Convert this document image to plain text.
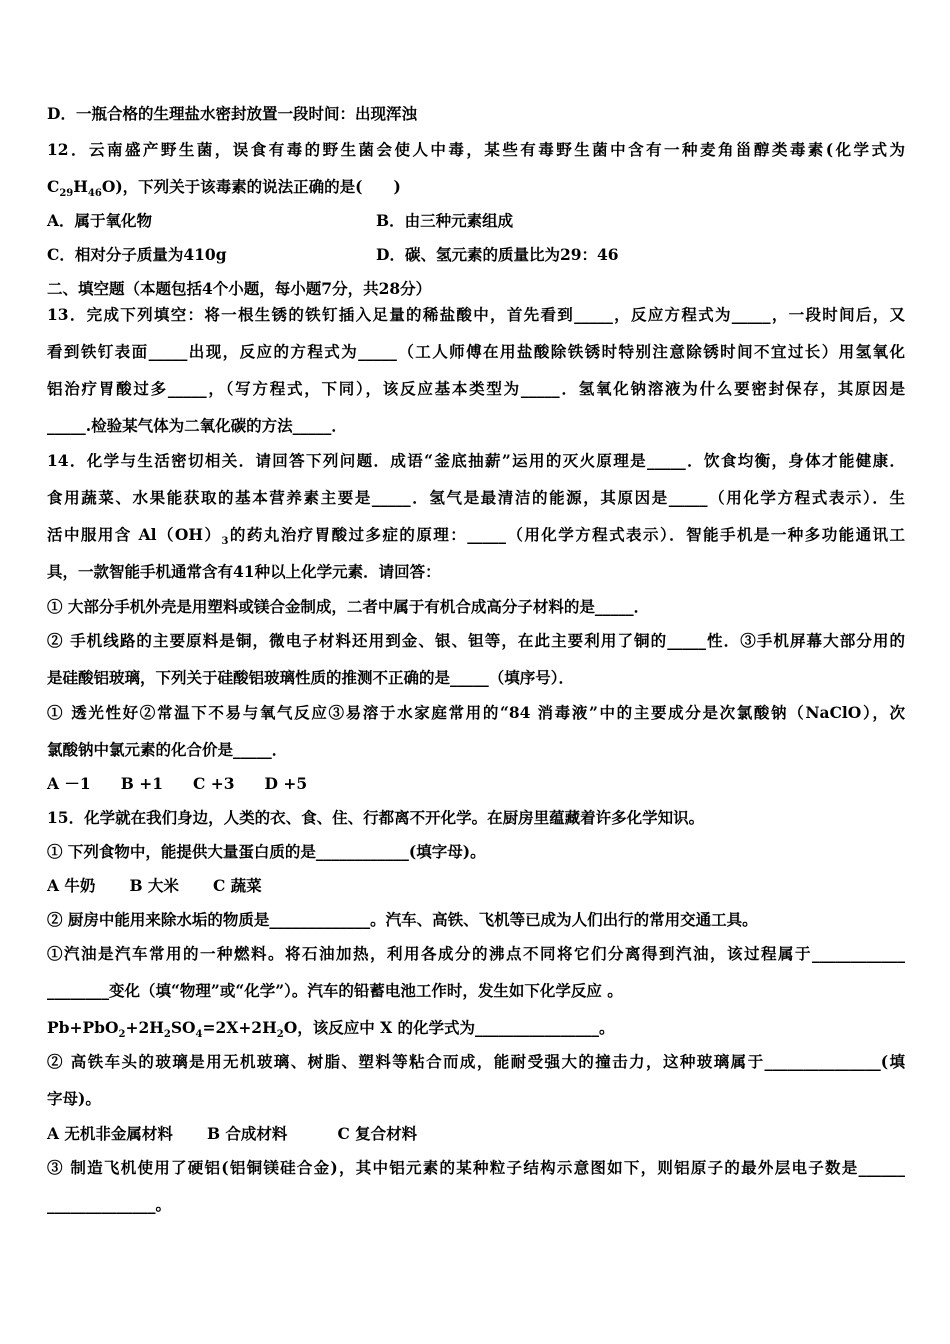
D．一瓶合格的生理盐水密封放置一段时间：出现浑浊
12．云南盛产野生菌，误食有毒的野生菌会使人中毒，某些有毒野生菌中含有一种麦角甾醇类毒素(化学式为
$C_{29}H_{46}O$)，下列关于该毒素的说法正确的是(　　)
A．属于氧化物	B．由三种元素组成
C．相对分子质量为410g	D．碳、氢元素的质量比为29：46
二、填空题（本题包括4个小题，每小题7分，共28分）
13．完成下列填空：将一根生锈的铁钉插入足量的稀盐酸中，首先看到_____，反应方程式为_____，一段时间后，又
看到铁钉表面_____出现，反应的方程式为_____（工人师傅在用盐酸除铁锈时特别注意除锈时间不宜过长）用氢氧化
铝治疗胃酸过多_____，（写方程式，下同），该反应基本类型为_____．氢氧化钠溶液为什么要密封保存，其原因是
_____.检验某气体为二氧化碳的方法_____．
14．化学与生活密切相关．请回答下列问题．成语“釜底抽薪”运用的灭火原理是_____．饮食均衡，身体才能健康．
食用蔬菜、水果能获取的基本营养素主要是_____．氢气是最清洁的能源，其原因是_____（用化学方程式表示）．生
活中服用含 $Al(OH)_3$的药丸治疗胃酸过多症的原理：_____（用化学方程式表示）．智能手机是一种多功能通讯工
具，一款智能手机通常含有41种以上化学元素．请回答：
① 大部分手机外壳是用塑料或镁合金制成，二者中属于有机合成高分子材料的是_____．
② 手机线路的主要原料是铜，微电子材料还用到金、银、钽等，在此主要利用了铜的_____性．③手机屏幕大部分用的
是硅酸铝玻璃，下列关于硅酸铝玻璃性质的推测不正确的是_____（填序号）．
① 透光性好②常温下不易与氧气反应③易溶于水家庭常用的“84 消毒液”中的主要成分是次氯酸钠（NaClO），次
氯酸钠中氯元素的化合价是_____．
A －1 B +1 C +3 D +5
15．化学就在我们身边，人类的衣、食、住、行都离不开化学。在厨房里蕴藏着许多化学知识。
① 下列食物中，能提供大量蛋白质的是____________(填字母)。
A 牛奶 B 大米 C 蔬菜
② 厨房中能用来除水垢的物质是_____________。汽车、高铁、飞机等已成为人们出行的常用交通工具。
①汽油是汽车常用的一种燃料。将石油加热，利用各成分的沸点不同将它们分离得到汽油，该过程属于____________
________变化（填“物理”或“化学”）。汽车的铅蓄电池工作时，发生如下化学反应 。
$Pb+PbO_2+2H_2SO_4=2X+2H_2O$，该反应中 X 的化学式为________________。
② 高铁车头的玻璃是用无机玻璃、树脂、塑料等粘合而成，能耐受强大的撞击力，这种玻璃属于_______________(填
字母)。
A 无机非金属材料 B 合成材料	C 复合材料
③ 制造飞机使用了硬铝(铝铜镁硅合金)，其中铝元素的某种粒子结构示意图如下，则铝原子的最外层电子数是______
______________。
